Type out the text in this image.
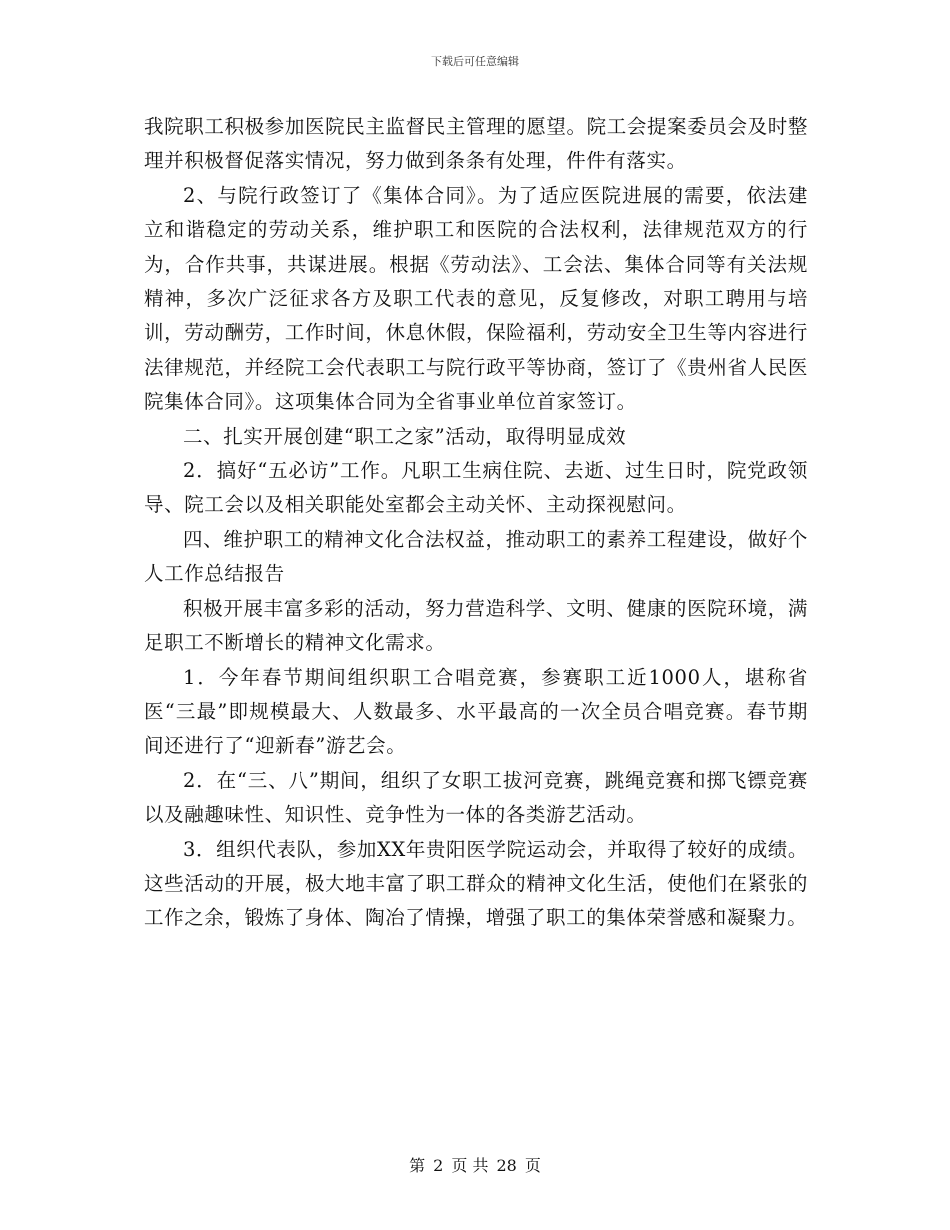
下载后可任意编辑

我院职工积极参加医院民主监督民主管理的愿望。院工会提案委员会及时整理并积极督促落实情况，努力做到条条有处理，件件有落实。

2、与院行政签订了《集体合同》。为了适应医院进展的需要，依法建立和谐稳定的劳动关系，维护职工和医院的合法权利，法律规范双方的行为，合作共事，共谋进展。根据《劳动法》、工会法、集体合同等有关法规精神，多次广泛征求各方及职工代表的意见，反复修改，对职工聘用与培训，劳动酬劳，工作时间，休息休假，保险福利，劳动安全卫生等内容进行法律规范，并经院工会代表职工与院行政平等协商，签订了《贵州省人民医院集体合同》。这项集体合同为全省事业单位首家签订。

二、扎实开展创建“职工之家”活动，取得明显成效

2．搞好“五必访”工作。凡职工生病住院、去逝、过生日时，院党政领导、院工会以及相关职能处室都会主动关怀、主动探视慰问。

四、维护职工的精神文化合法权益，推动职工的素养工程建设，做好个人工作总结报告

积极开展丰富多彩的活动，努力营造科学、文明、健康的医院环境，满足职工不断增长的精神文化需求。

1．今年春节期间组织职工合唱竞赛，参赛职工近1000人，堪称省医“三最”即规模最大、人数最多、水平最高的一次全员合唱竞赛。春节期间还进行了“迎新春”游艺会。

2．在“三、八”期间，组织了女职工拔河竞赛，跳绳竞赛和掷飞镖竞赛以及融趣味性、知识性、竞争性为一体的各类游艺活动。

3．组织代表队，参加XX年贵阳医学院运动会，并取得了较好的成绩。这些活动的开展，极大地丰富了职工群众的精神文化生活，使他们在紧张的工作之余，锻炼了身体、陶冶了情操，增强了职工的集体荣誉感和凝聚力。

第 2 页 共 28 页
